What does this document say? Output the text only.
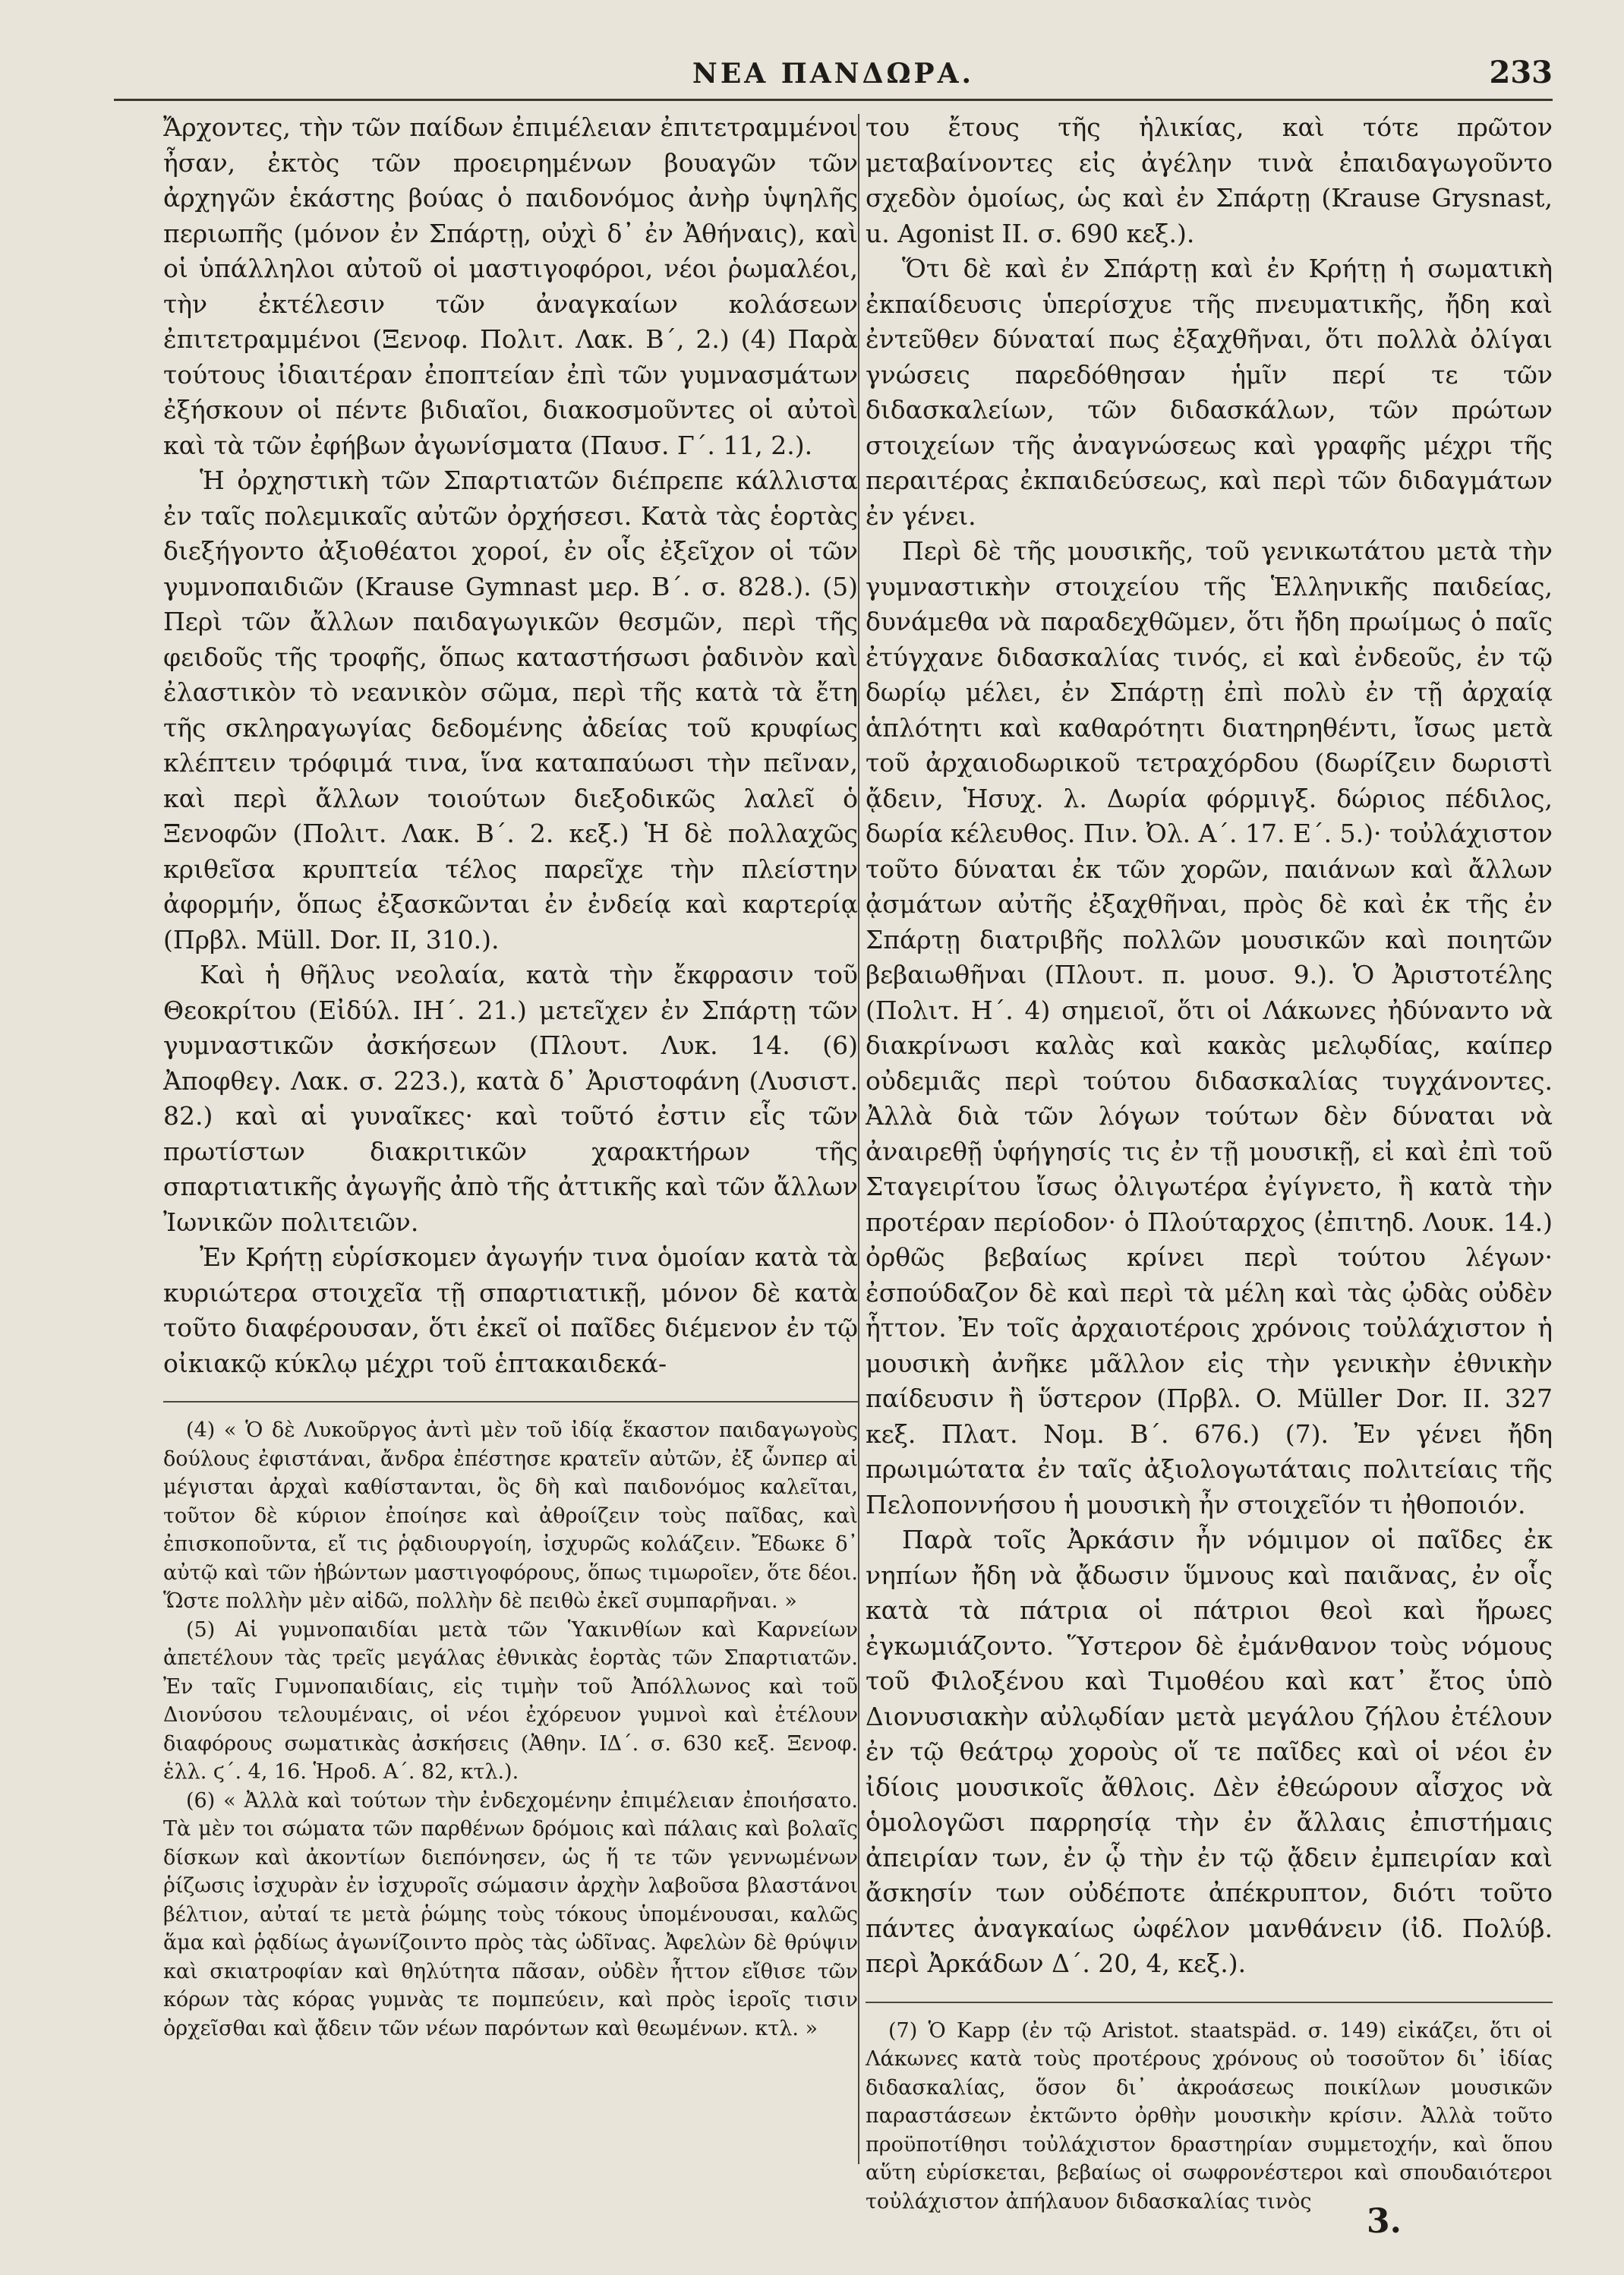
ΝΕΑ ΠΑΝΔΩΡΑ.	233

Ἄρχοντες, τὴν τῶν παίδων ἐπιμέλειαν ἐπιτετραμμένοι ἦσαν, ἐκτὸς τῶν προειρημένων βουαγῶν τῶν ἀρχηγῶν ἑκάστης βούας ὁ παιδονόμος ἀνὴρ ὑψηλῆς περιωπῆς (μόνον ἐν Σπάρτῃ, οὐχὶ δ᾽ ἐν Ἀθήναις), καὶ οἱ ὑπάλληλοι αὐτοῦ οἱ μαστιγοφόροι, νέοι ῥωμαλέοι, τὴν ἐκτέλεσιν τῶν ἀναγκαίων κολάσεων ἐπιτετραμμένοι (Ξενοφ. Πολιτ. Λακ. Β΄, 2.) (4) Παρὰ τούτους ἰδιαιτέραν ἐποπτείαν ἐπὶ τῶν γυμνασμάτων ἐξήσκουν οἱ πέντε βιδιαῖοι, διακοσμοῦντες οἱ αὐτοὶ καὶ τὰ τῶν ἐφήβων ἀγωνίσματα (Παυσ. Γ΄. 11, 2.).

Ἡ ὀρχηστικὴ τῶν Σπαρτιατῶν διέπρεπε κάλλιστα ἐν ταῖς πολεμικαῖς αὐτῶν ὀρχήσεσι. Κατὰ τὰς ἑορτὰς διεξήγοντο ἀξιοθέατοι χοροί, ἐν οἷς ἐξεῖχον οἱ τῶν γυμνοπαιδιῶν (Krause Gymnast μερ. Β΄. σ. 828.). (5) Περὶ τῶν ἄλλων παιδαγωγικῶν θεσμῶν, περὶ τῆς φειδοῦς τῆς τροφῆς, ὅπως καταστήσωσι ῥαδινὸν καὶ ἐλαστικὸν τὸ νεανικὸν σῶμα, περὶ τῆς κατὰ τὰ ἔτη τῆς σκληραγωγίας δεδομένης ἀδείας τοῦ κρυφίως κλέπτειν τρόφιμά τινα, ἵνα καταπαύωσι τὴν πεῖναν, καὶ περὶ ἄλλων τοιούτων διεξοδικῶς λαλεῖ ὁ Ξενοφῶν (Πολιτ. Λακ. Β΄. 2. κεξ.) Ἡ δὲ πολλαχῶς κριθεῖσα κρυπτεία τέλος παρεῖχε τὴν πλείστην ἀφορμήν, ὅπως ἐξασκῶνται ἐν ἐνδείᾳ καὶ καρτερίᾳ (Πρβλ. Müll. Dor. II, 310.).

Καὶ ἡ θῆλυς νεολαία, κατὰ τὴν ἔκφρασιν τοῦ Θεοκρίτου (Εἰδύλ. ΙΗ΄. 21.) μετεῖχεν ἐν Σπάρτῃ τῶν γυμναστικῶν ἀσκήσεων (Πλουτ. Λυκ. 14. (6) Ἀποφθεγ. Λακ. σ. 223.), κατὰ δ᾽ Ἀριστοφάνη (Λυσιστ. 82.) καὶ αἱ γυναῖκες· καὶ τοῦτό ἐστιν εἷς τῶν πρωτίστων διακριτικῶν χαρακτήρων τῆς σπαρτιατικῆς ἀγωγῆς ἀπὸ τῆς ἀττικῆς καὶ τῶν ἄλλων Ἰωνικῶν πολιτειῶν.

Ἐν Κρήτῃ εὑρίσκομεν ἀγωγήν τινα ὁμοίαν κατὰ τὰ κυριώτερα στοιχεῖα τῇ σπαρτιατικῇ, μόνον δὲ κατὰ τοῦτο διαφέρουσαν, ὅτι ἐκεῖ οἱ παῖδες διέμενον ἐν τῷ οἰκιακῷ κύκλῳ μέχρι τοῦ ἑπτακαιδεκά-

(4) « Ὁ δὲ Λυκοῦργος ἀντὶ μὲν τοῦ ἰδίᾳ ἕκαστον παιδαγωγοὺς δούλους ἐφιστάναι, ἄνδρα ἐπέστησε κρατεῖν αὐτῶν, ἐξ ὧνπερ αἱ μέγισται ἀρχαὶ καθίστανται, ὃς δὴ καὶ παιδονόμος καλεῖται, τοῦτον δὲ κύριον ἐποίησε καὶ ἀθροίζειν τοὺς παῖδας, καὶ ἐπισκοποῦντα, εἴ τις ῥᾳδιουργοίη, ἰσχυρῶς κολάζειν. Ἔδωκε δ᾽ αὐτῷ καὶ τῶν ἡβώντων μαστιγοφόρους, ὅπως τιμωροῖεν, ὅτε δέοι. Ὥστε πολλὴν μὲν αἰδῶ, πολλὴν δὲ πειθὼ ἐκεῖ συμπαρῆναι. »

(5) Αἱ γυμνοπαιδίαι μετὰ τῶν Ὑακινθίων καὶ Καρνείων ἀπετέλουν τὰς τρεῖς μεγάλας ἐθνικὰς ἑορτὰς τῶν Σπαρτιατῶν. Ἐν ταῖς Γυμνοπαιδίαις, εἰς τιμὴν τοῦ Ἀπόλλωνος καὶ τοῦ Διονύσου τελουμέναις, οἱ νέοι ἐχόρευον γυμνοὶ καὶ ἐτέλουν διαφόρους σωματικὰς ἀσκήσεις (Ἀθην. ΙΔ΄. σ. 630 κεξ. Ξενοφ. ἑλλ. ϛ΄. 4, 16. Ἡροδ. Α΄. 82, κτλ.).

(6) « Ἀλλὰ καὶ τούτων τὴν ἐνδεχομένην ἐπιμέλειαν ἐποιήσατο. Τὰ μὲν τοι σώματα τῶν παρθένων δρόμοις καὶ πάλαις καὶ βολαῖς δίσκων καὶ ἀκοντίων διεπόνησεν, ὡς ἥ τε τῶν γεννωμένων ῥίζωσις ἰσχυρὰν ἐν ἰσχυροῖς σώμασιν ἀρχὴν λαβοῦσα βλαστάνοι βέλτιον, αὐταί τε μετὰ ῥώμης τοὺς τόκους ὑπομένουσαι, καλῶς ἅμα καὶ ῥᾳδίως ἀγωνίζοιντο πρὸς τὰς ὠδῖνας. Ἀφελὼν δὲ θρύψιν καὶ σκιατροφίαν καὶ θηλύτητα πᾶσαν, οὐδὲν ἧττον εἴθισε τῶν κόρων τὰς κόρας γυμνὰς τε πομπεύειν, καὶ πρὸς ἱεροῖς τισιν ὀρχεῖσθαι καὶ ᾄδειν τῶν νέων παρόντων καὶ θεωμένων. κτλ. »

του ἔτους τῆς ἡλικίας, καὶ τότε πρῶτον μεταβαίνοντες εἰς ἀγέλην τινὰ ἐπαιδαγωγοῦντο σχεδὸν ὁμοίως, ὡς καὶ ἐν Σπάρτῃ (Krause Grysnast, u. Agonist II. σ. 690 κεξ.).

Ὅτι δὲ καὶ ἐν Σπάρτῃ καὶ ἐν Κρήτῃ ἡ σωματικὴ ἐκπαίδευσις ὑπερίσχυε τῆς πνευματικῆς, ἤδη καὶ ἐντεῦθεν δύναταί πως ἐξαχθῆναι, ὅτι πολλὰ ὀλίγαι γνώσεις παρεδόθησαν ἡμῖν περί τε τῶν διδασκαλείων, τῶν διδασκάλων, τῶν πρώτων στοιχείων τῆς ἀναγνώσεως καὶ γραφῆς μέχρι τῆς περαιτέρας ἐκπαιδεύσεως, καὶ περὶ τῶν διδαγμάτων ἐν γένει.

Περὶ δὲ τῆς μουσικῆς, τοῦ γενικωτάτου μετὰ τὴν γυμναστικὴν στοιχείου τῆς Ἑλληνικῆς παιδείας, δυνάμεθα νὰ παραδεχθῶμεν, ὅτι ἤδη πρωίμως ὁ παῖς ἐτύγχανε διδασκαλίας τινός, εἰ καὶ ἐνδεοῦς, ἐν τῷ δωρίῳ μέλει, ἐν Σπάρτῃ ἐπὶ πολὺ ἐν τῇ ἀρχαίᾳ ἁπλότητι καὶ καθαρότητι διατηρηθέντι, ἴσως μετὰ τοῦ ἀρχαιοδωρικοῦ τετραχόρδου (δωρίζειν δωριστὶ ᾄδειν, Ἡσυχ. λ. Δωρία φόρμιγξ. δώριος πέδιλος, δωρία κέλευθος. Πιν. Ὀλ. Α΄. 17. Ε΄. 5.)· τοὐλάχιστον τοῦτο δύναται ἐκ τῶν χορῶν, παιάνων καὶ ἄλλων ᾀσμάτων αὐτῆς ἐξαχθῆναι, πρὸς δὲ καὶ ἐκ τῆς ἐν Σπάρτῃ διατριβῆς πολλῶν μουσικῶν καὶ ποιητῶν βεβαιωθῆναι (Πλουτ. π. μουσ. 9.). Ὁ Ἀριστοτέλης (Πολιτ. Η΄. 4) σημειοῖ, ὅτι οἱ Λάκωνες ἠδύναντο νὰ διακρίνωσι καλὰς καὶ κακὰς μελῳδίας, καίπερ οὐδεμιᾶς περὶ τούτου διδασκαλίας τυγχάνοντες. Ἀλλὰ διὰ τῶν λόγων τούτων δὲν δύναται νὰ ἀναιρεθῇ ὑφήγησίς τις ἐν τῇ μουσικῇ, εἰ καὶ ἐπὶ τοῦ Σταγειρίτου ἴσως ὀλιγωτέρα ἐγίγνετο, ἢ κατὰ τὴν προτέραν περίοδον· ὁ Πλούταρχος (ἐπιτηδ. Λουκ. 14.) ὀρθῶς βεβαίως κρίνει περὶ τούτου λέγων· ἐσπούδαζον δὲ καὶ περὶ τὰ μέλη καὶ τὰς ᾠδὰς οὐδὲν ἧττον. Ἐν τοῖς ἀρχαιοτέροις χρόνοις τοὐλάχιστον ἡ μουσικὴ ἀνῆκε μᾶλλον εἰς τὴν γενικὴν ἐθνικὴν παίδευσιν ἢ ὕστερον (Πρβλ. O. Müller Dor. II. 327 κεξ. Πλατ. Νομ. Β΄. 676.) (7). Ἐν γένει ἤδη πρωιμώτατα ἐν ταῖς ἀξιολογωτάταις πολιτείαις τῆς Πελοποννήσου ἡ μουσικὴ ἦν στοιχεῖόν τι ἠθοποιόν.

Παρὰ τοῖς Ἀρκάσιν ἦν νόμιμον οἱ παῖδες ἐκ νηπίων ἤδη νὰ ᾄδωσιν ὕμνους καὶ παιᾶνας, ἐν οἷς κατὰ τὰ πάτρια οἱ πάτριοι θεοὶ καὶ ἥρωες ἐγκωμιάζοντο. Ὕστερον δὲ ἐμάνθανον τοὺς νόμους τοῦ Φιλοξένου καὶ Τιμοθέου καὶ κατ᾽ ἔτος ὑπὸ Διονυσιακὴν αὐλῳδίαν μετὰ μεγάλου ζήλου ἐτέλουν ἐν τῷ θεάτρῳ χοροὺς οἵ τε παῖδες καὶ οἱ νέοι ἐν ἰδίοις μουσικοῖς ἄθλοις. Δὲν ἐθεώρουν αἶσχος νὰ ὁμολογῶσι παρρησίᾳ τὴν ἐν ἄλλαις ἐπιστήμαις ἀπειρίαν των, ἐν ᾧ τὴν ἐν τῷ ᾄδειν ἐμπειρίαν καὶ ἄσκησίν των οὐδέποτε ἀπέκρυπτον, διότι τοῦτο πάντες ἀναγκαίως ὠφέλον μανθάνειν (ἰδ. Πολύβ. περὶ Ἀρκάδων Δ΄. 20, 4, κεξ.).

(7) Ὁ Kapp (ἐν τῷ Aristot. staatspäd. σ. 149) εἰκάζει, ὅτι οἱ Λάκωνες κατὰ τοὺς προτέρους χρόνους οὐ τοσοῦτον δι᾽ ἰδίας διδασκαλίας, ὅσον δι᾽ ἀκροάσεως ποικίλων μουσικῶν παραστάσεων ἐκτῶντο ὀρθὴν μουσικὴν κρίσιν. Ἀλλὰ τοῦτο προϋποτίθησι τοὐλάχιστον δραστηρίαν συμμετοχήν, καὶ ὅπου αὕτη εὑρίσκεται, βεβαίως οἱ σωφρονέστεροι καὶ σπουδαιότεροι τοὐλάχιστον ἀπήλαυον διδασκαλίας τινὸς

3.
